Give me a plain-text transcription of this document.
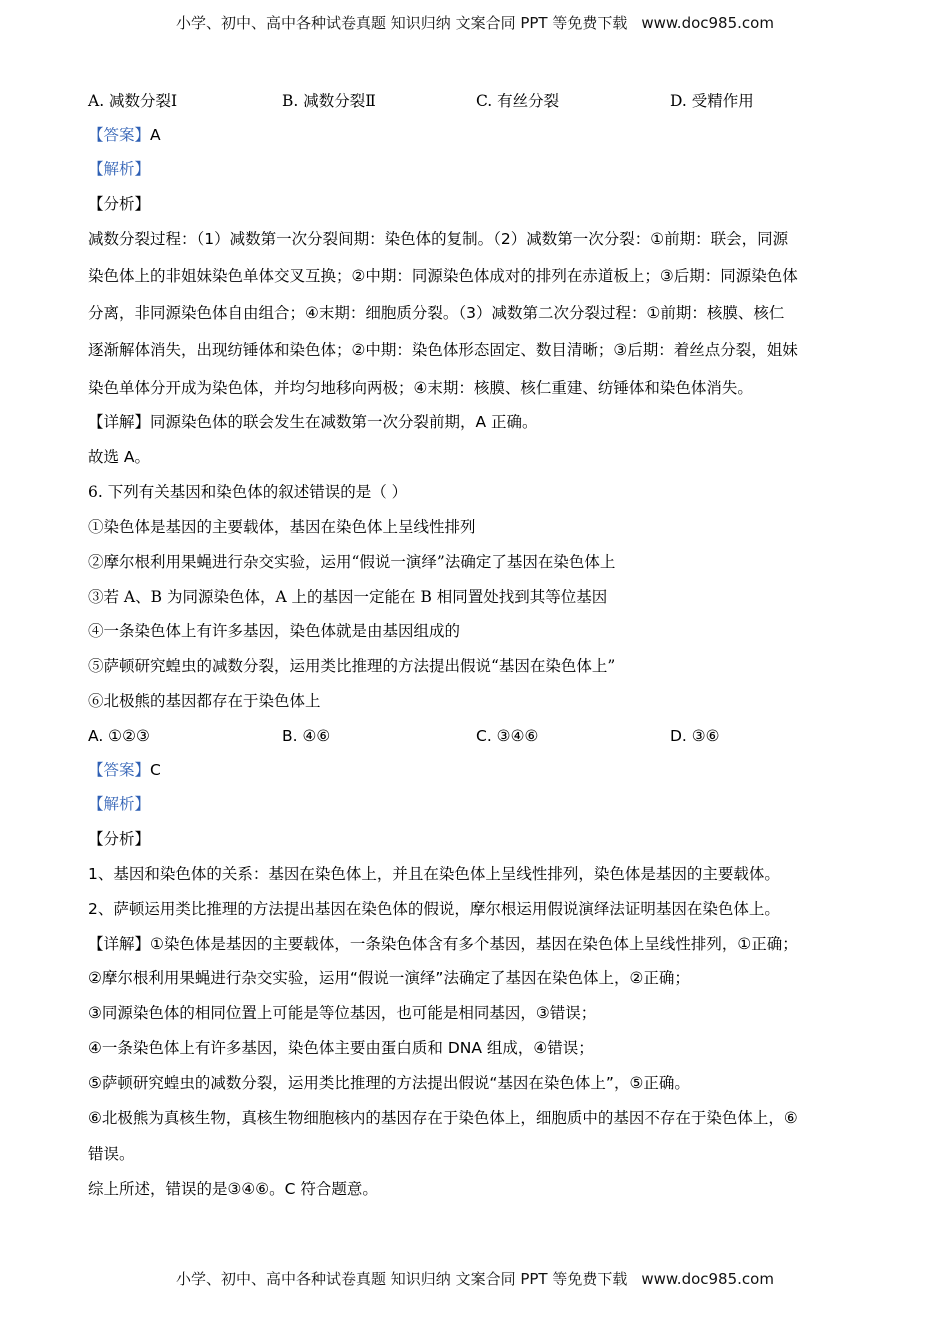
小学、初中、高中各种试卷真题 知识归纳 文案合同 PPT 等免费下载 www.doc985.com
A. 减数分裂Ⅰ	B. 减数分裂Ⅱ	C. 有丝分裂	D. 受精作用
【答案】A
【解析】
【分析】
减数分裂过程：（1）减数第一次分裂间期：染色体的复制。（2）减数第一次分裂：①前期：联会，同源
染色体上的非姐妹染色单体交叉互换；②中期：同源染色体成对的排列在赤道板上；③后期：同源染色体
分离，非同源染色体自由组合；④末期：细胞质分裂。（3）减数第二次分裂过程：①前期：核膜、核仁
逐渐解体消失，出现纺锤体和染色体；②中期：染色体形态固定、数目清晰；③后期：着丝点分裂，姐妹
染色单体分开成为染色体，并均匀地移向两极；④末期：核膜、核仁重建、纺锤体和染色体消失。
【详解】同源染色体的联会发生在减数第一次分裂前期，A 正确。
故选 A。
6. 下列有关基因和染色体的叙述错误的是（ ）
①染色体是基因的主要载体，基因在染色体上呈线性排列
②摩尔根利用果蝇进行杂交实验，运用“假说一演绎”法确定了基因在染色体上
③若 A、B 为同源染色体，A 上的基因一定能在 B 相同置处找到其等位基因
④一条染色体上有许多基因，染色体就是由基因组成的
⑤萨顿研究蝗虫的减数分裂，运用类比推理的方法提出假说“基因在染色体上”
⑥北极熊的基因都存在于染色体上
A. ①②③	B. ④⑥	C. ③④⑥	D. ③⑥
【答案】C
【解析】
【分析】
1、基因和染色体的关系：基因在染色体上，并且在染色体上呈线性排列，染色体是基因的主要载体。
2、萨顿运用类比推理的方法提出基因在染色体的假说，摩尔根运用假说演绎法证明基因在染色体上。
【详解】①染色体是基因的主要载体，一条染色体含有多个基因，基因在染色体上呈线性排列，①正确；
②摩尔根利用果蝇进行杂交实验，运用“假说一演绎”法确定了基因在染色体上，②正确；
③同源染色体的相同位置上可能是等位基因，也可能是相同基因，③错误；
④一条染色体上有许多基因，染色体主要由蛋白质和 DNA 组成，④错误；
⑤萨顿研究蝗虫的减数分裂，运用类比推理的方法提出假说“基因在染色体上”，⑤正确。
⑥北极熊为真核生物，真核生物细胞核内的基因存在于染色体上，细胞质中的基因不存在于染色体上，⑥
错误。
综上所述，错误的是③④⑥。C 符合题意。
小学、初中、高中各种试卷真题 知识归纳 文案合同 PPT 等免费下载 www.doc985.com
